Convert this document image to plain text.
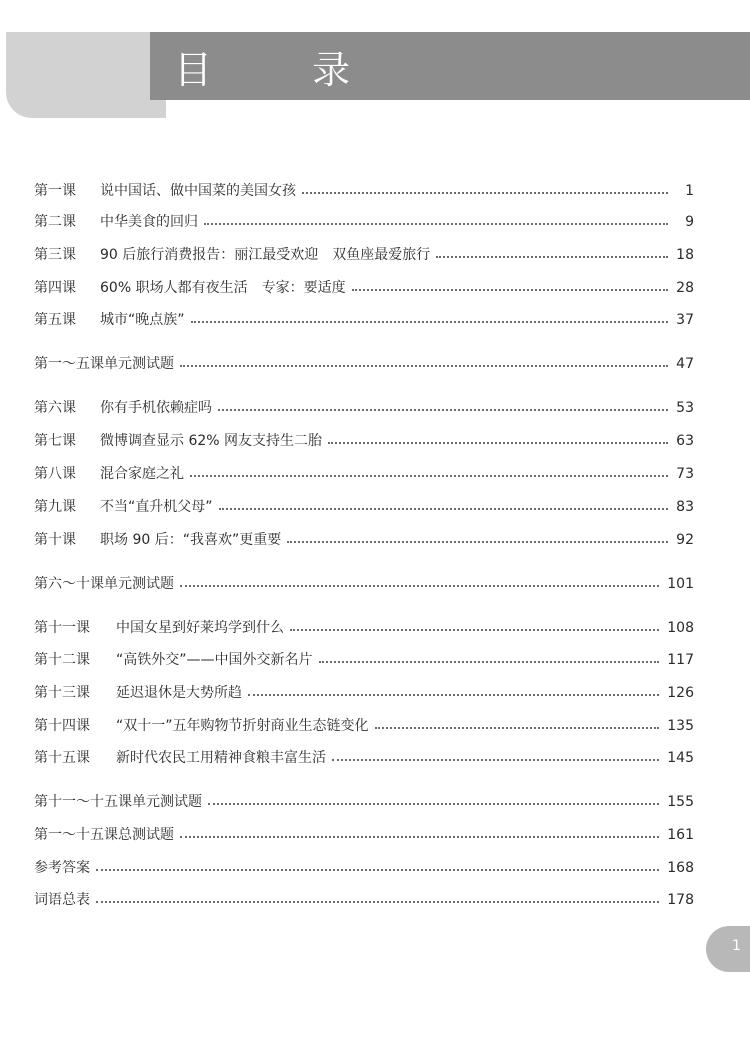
目 录
第一课 说中国话、做中国菜的美国女孩	1
第二课 中华美食的回归	9
第三课 90 后旅行消费报告：丽江最受欢迎　双鱼座最爱旅行	18
第四课 60% 职场人都有夜生活　专家：要适度	28
第五课 城市“晚点族”	37
第一～五课单元测试题	47
第六课 你有手机依赖症吗	53
第七课 微博调查显示 62% 网友支持生二胎	63
第八课 混合家庭之礼	73
第九课 不当“直升机父母”	83
第十课 职场 90 后：“我喜欢”更重要	92
第六～十课单元测试题	101
第十一课 中国女星到好莱坞学到什么	108
第十二课 “高铁外交”——中国外交新名片	117
第十三课 延迟退休是大势所趋	126
第十四课 “双十一”五年购物节折射商业生态链变化	135
第十五课 新时代农民工用精神食粮丰富生活	145
第十一～十五课单元测试题	155
第一～十五课总测试题	161
参考答案	168
词语总表	178
1
